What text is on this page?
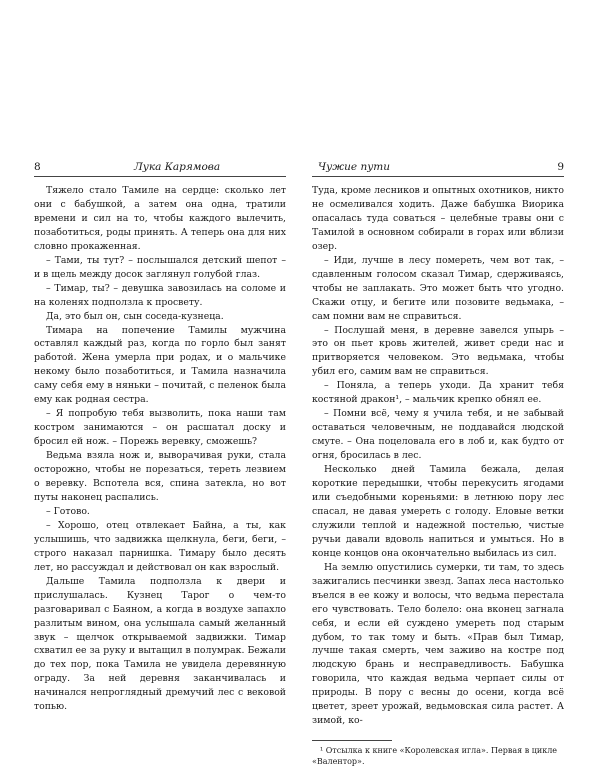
8	Лука Карямова

Тяжело стало Тамиле на сердце: сколько лет они с бабушкой, а затем она одна, тратили времени и сил на то, чтобы каждого вылечить, позаботиться, роды принять. А теперь она для них словно прокаженная.

– Тами, ты тут? – послышался детский шепот – и в щель между досок заглянул голубой глаз.

– Тимар, ты? – девушка завозилась на соломе и на коленях подползла к просвету.

Да, это был он, сын соседа-кузнеца.

Тимара на попечение Тамилы мужчина оставлял каждый раз, когда по горло был занят работой. Жена умерла при родах, и о мальчике некому было позаботиться, и Тамила назначила саму себя ему в няньки – почитай, с пеленок была ему как родная сестра.

– Я попробую тебя вызволить, пока наши там костром занимаются – он расшатал доску и бросил ей нож. – Порежь веревку, сможешь?

Ведьма взяла нож и, выворачивая руки, стала осторожно, чтобы не порезаться, тереть лезвием о веревку. Вспотела вся, спина затекла, но вот путы наконец распались.

– Готово.

– Хорошо, отец отвлекает Байна, а ты, как услышишь, что задвижка щелкнула, беги, беги, – строго наказал парнишка. Тимару было десять лет, но рассуждал и действовал он как взрослый.

Дальше Тамила подползла к двери и прислушалась. Кузнец Тарог о чем-то разговаривал с Баяном, а когда в воздухе запахло разлитым вином, она услышала самый желанный звук – щелчок открываемой задвижки. Тимар схватил ее за руку и вытащил в полумрак. Бежали до тех пор, пока Тамила не увидела деревянную ограду. За ней деревня заканчивалась и начинался непроглядный дремучий лес с вековой топью.

Чужие пути	9

Туда, кроме лесников и опытных охотников, никто не осмеливался ходить. Даже бабушка Виорика опасалась туда соваться – целебные травы они с Тамилой в основном собирали в горах или вблизи озер.

– Иди, лучше в лесу помереть, чем вот так, – сдавленным голосом сказал Тимар, сдерживаясь, чтобы не заплакать. Это может быть что угодно. Скажи отцу, и бегите или позовите ведьмака, – сам помни вам не справиться.

– Послушай меня, в деревне завелся упырь – это он пьет кровь жителей, живет среди нас и притворяется человеком. Это ведьмака, чтобы убил его, самим вам не справиться.

– Поняла, а теперь уходи. Да хранит тебя костяной дракон¹, – мальчик крепко обнял ее.

– Помни всё, чему я учила тебя, и не забывай оставаться человечным, не поддавайся людской смуте. – Она поцеловала его в лоб и, как будто от огня, бросилась в лес.

Несколько дней Тамила бежала, делая короткие передышки, чтобы перекусить ягодами или съедобными кореньями: в летнюю пору лес спасал, не давая умереть с голоду. Еловые ветки служили теплой и надежной постелью, чистые ручьи давали вдоволь напиться и умыться. Но в конце концов она окончательно выбилась из сил.

На землю опустились сумерки, ти там, то здесь зажигались песчинки звезд. Запах леса настолько въелся в ее кожу и волосы, что ведьма перестала его чувствовать. Тело болело: она вконец загнала себя, и если ей суждено умереть под старым дубом, то так тому и быть. «Прав был Тимар, лучше такая смерть, чем заживо на костре под людскую брань и несправедливость. Бабушка говорила, что каждая ведьма черпает силы от природы. В пору с весны до осени, когда всё цветет, зреет урожай, ведьмовская сила растет. А зимой, ко-

¹ Отсылка к книге «Королевская игла». Первая в цикле «Валентор».
